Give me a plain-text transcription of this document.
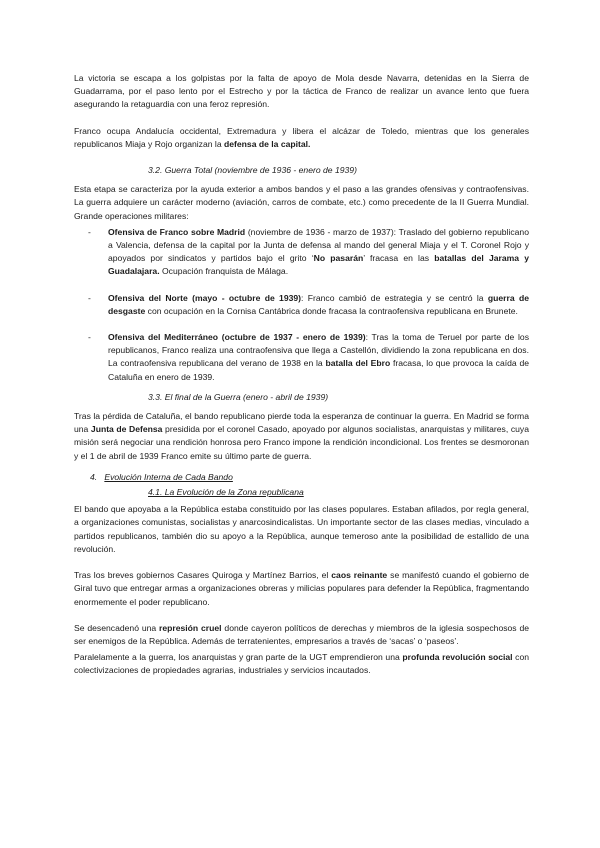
La victoria se escapa a los golpistas por la falta de apoyo de Mola desde Navarra, detenidas en la Sierra de Guadarrama, por el paso lento por el Estrecho y por la táctica de Franco de realizar un avance lento que fuera asegurando la retaguardia con una feroz represión.

Franco ocupa Andalucía occidental, Extremadura y libera el alcázar de Toledo, mientras que los generales republicanos Miaja y Rojo organizan la defensa de la capital.

3.2. Guerra Total (noviembre de 1936 - enero de 1939)

Esta etapa se caracteriza por la ayuda exterior a ambos bandos y el paso a las grandes ofensivas y contraofensivas. La guerra adquiere un carácter moderno (aviación, carros de combate, etc.) como precedente de la II Guerra Mundial. Grande operaciones militares:

- Ofensiva de Franco sobre Madrid (noviembre de 1936 - marzo de 1937): Traslado del gobierno republicano a Valencia, defensa de la capital por la Junta de defensa al mando del general Miaja y el T. Coronel Rojo y apoyados por sindicatos y partidos bajo el grito ‘No pasarán’ fracasa en las batallas del Jarama y Guadalajara. Ocupación franquista de Málaga.
- Ofensiva del Norte (mayo - octubre de 1939): Franco cambió de estrategia y se centró la guerra de desgaste con ocupación en la Cornisa Cantábrica donde fracasa la contraofensiva republicana en Brunete.
- Ofensiva del Mediterráneo (octubre de 1937 - enero de 1939): Tras la toma de Teruel por parte de los republicanos, Franco realiza una contraofensiva que llega a Castellón, dividiendo la zona republicana en dos. La contraofensiva republicana del verano de 1938 en la batalla del Ebro fracasa, lo que provoca la caída de Cataluña en enero de 1939.
3.3. El final de la Guerra (enero - abril de 1939)

Tras la pérdida de Cataluña, el bando republicano pierde toda la esperanza de continuar la guerra. En Madrid se forma una Junta de Defensa presidida por el coronel Casado, apoyado por algunos socialistas, anarquistas y militares, cuya misión será negociar una rendición honrosa pero Franco impone la rendición incondicional. Los frentes se desmoronan y el 1 de abril de 1939 Franco emite su último parte de guerra.

4. Evolución Interna de Cada Bando
4.1. La Evolución de la Zona republicana

El bando que apoyaba a la República estaba constituido por las clases populares. Estaban afilados, por regla general, a organizaciones comunistas, socialistas y anarcosindicalistas. Un importante sector de las clases medias, vinculado a partidos republicanos, también dio su apoyo a la República, aunque temeroso ante la posibilidad de estallido de una revolución.

Tras los breves gobiernos Casares Quiroga y Martínez Barrios, el caos reinante se manifestó cuando el gobierno de Giral tuvo que entregar armas a organizaciones obreras y milicias populares para defender la República, fragmentando enormemente el poder republicano.

Se desencadenó una represión cruel donde cayeron políticos de derechas y miembros de la iglesia sospechosos de ser enemigos de la República. Además de terratenientes, empresarios a través de ‘sacas’ o ‘paseos’.

Paralelamente a la guerra, los anarquistas y gran parte de la UGT emprendieron una profunda revolución social con colectivizaciones de propiedades agrarias, industriales y servicios incautados.
